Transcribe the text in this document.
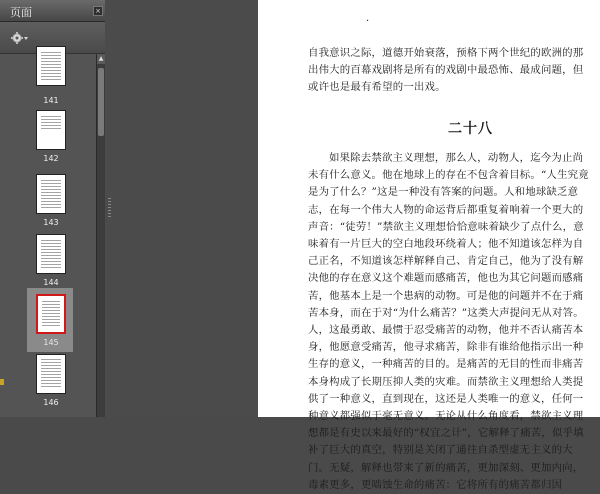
页面	×
141
142
143
144
145
146
▲
·

自我意识之际，道德开始衰落，预格下两个世纪的欧洲的那出伟大的百幕戏剧将是所有的戏剧中最恐怖、最成问题，但或许也是最有希望的一出戏。

二十八

如果除去禁欲主义理想，那么人，动物人，迄今为止尚未有什么意义。他在地球上的存在不包含着目标。“人生究竟是为了什么？”这是一种没有答案的问题。人和地球缺乏意志，在每一个伟大人物的命运背后都重复着响着一个更大的声音：“徒劳！”禁欲主义理想恰恰意味着缺少了点什么，意味着有一片巨大的空白地段环绕着人；他不知道该怎样为自己正名，不知道该怎样解释自己、肯定自己，他为了没有解决他的存在意义这个难题而感痛苦，他也为其它问题而感痛苦，他基本上是一个患病的动物。可是他的问题并不在于痛苦本身，而在于对“为什么痛苦？”这类大声提问无从对答。人，这最勇敢、最惯于忍受痛苦的动物，他并不否认痛苦本身，他愿意受痛苦，他寻求痛苦，除非有谁给他指示出一种生存的意义，一种痛苦的目的。是痛苦的无目的性而非痛苦本身构成了长期压抑人类的灾难。而禁欲主义理想给人类提供了一种意义，直到现在，这还是人类唯一的意义，任何一种意义都强似于毫无意义。无论从什么角度看，禁欲主义理想都是有史以来最好的“权宜之计”，它解释了痛苦，似乎填补了巨大的真空，特别是关闭了通往自杀型虚无主义的大门。无疑，解释也带来了新的痛苦，更加深刻、更加内向，毒素更多，更啮蚀生命的痛苦：它将所有的痛苦都归因
